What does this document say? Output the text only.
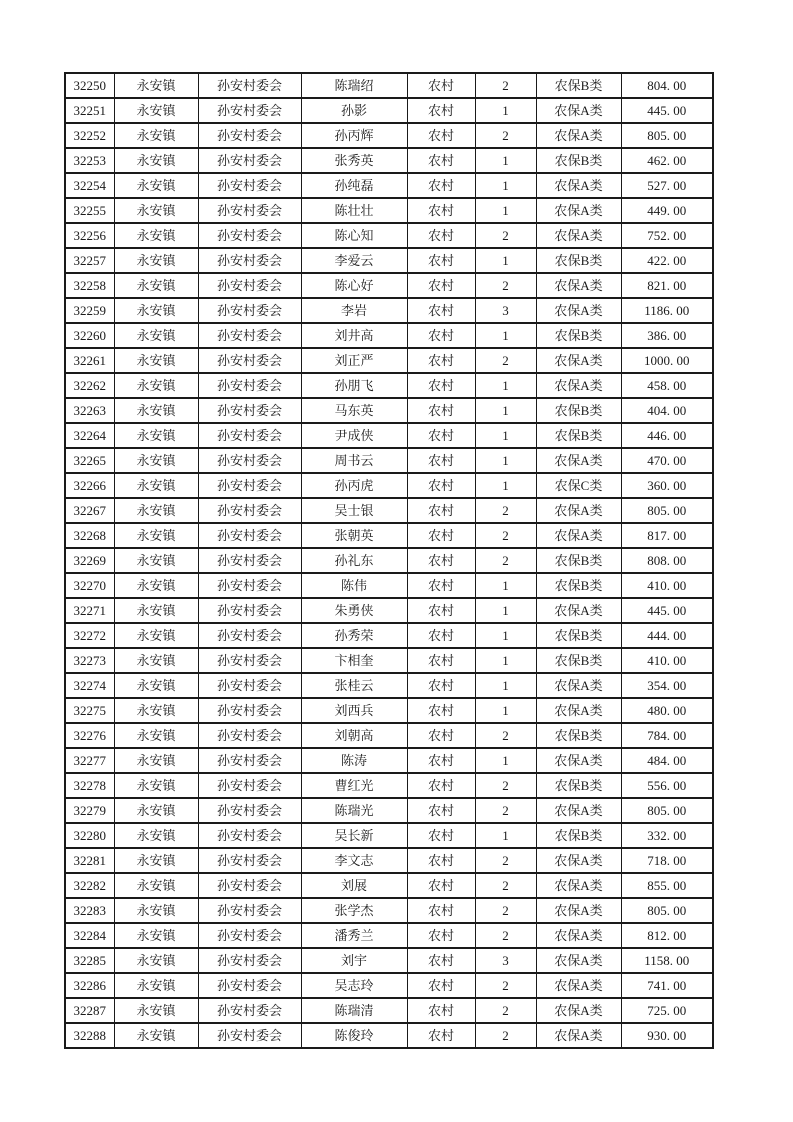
32250	永安镇	孙安村委会	陈瑞绍	农村	2	农保B类	804. 00
32251	永安镇	孙安村委会	孙影	农村	1	农保A类	445. 00
32252	永安镇	孙安村委会	孙丙辉	农村	2	农保A类	805. 00
32253	永安镇	孙安村委会	张秀英	农村	1	农保B类	462. 00
32254	永安镇	孙安村委会	孙纯磊	农村	1	农保A类	527. 00
32255	永安镇	孙安村委会	陈壮壮	农村	1	农保A类	449. 00
32256	永安镇	孙安村委会	陈心知	农村	2	农保A类	752. 00
32257	永安镇	孙安村委会	李爱云	农村	1	农保B类	422. 00
32258	永安镇	孙安村委会	陈心好	农村	2	农保A类	821. 00
32259	永安镇	孙安村委会	李岩	农村	3	农保A类	1186. 00
32260	永安镇	孙安村委会	刘井高	农村	1	农保B类	386. 00
32261	永安镇	孙安村委会	刘正严	农村	2	农保A类	1000. 00
32262	永安镇	孙安村委会	孙朋飞	农村	1	农保A类	458. 00
32263	永安镇	孙安村委会	马东英	农村	1	农保B类	404. 00
32264	永安镇	孙安村委会	尹成侠	农村	1	农保B类	446. 00
32265	永安镇	孙安村委会	周书云	农村	1	农保A类	470. 00
32266	永安镇	孙安村委会	孙丙虎	农村	1	农保C类	360. 00
32267	永安镇	孙安村委会	吴士银	农村	2	农保A类	805. 00
32268	永安镇	孙安村委会	张朝英	农村	2	农保A类	817. 00
32269	永安镇	孙安村委会	孙礼东	农村	2	农保B类	808. 00
32270	永安镇	孙安村委会	陈伟	农村	1	农保B类	410. 00
32271	永安镇	孙安村委会	朱勇侠	农村	1	农保A类	445. 00
32272	永安镇	孙安村委会	孙秀荣	农村	1	农保B类	444. 00
32273	永安镇	孙安村委会	卞相奎	农村	1	农保B类	410. 00
32274	永安镇	孙安村委会	张桂云	农村	1	农保A类	354. 00
32275	永安镇	孙安村委会	刘西兵	农村	1	农保A类	480. 00
32276	永安镇	孙安村委会	刘朝高	农村	2	农保B类	784. 00
32277	永安镇	孙安村委会	陈涛	农村	1	农保A类	484. 00
32278	永安镇	孙安村委会	曹红光	农村	2	农保B类	556. 00
32279	永安镇	孙安村委会	陈瑞光	农村	2	农保A类	805. 00
32280	永安镇	孙安村委会	吴长新	农村	1	农保B类	332. 00
32281	永安镇	孙安村委会	李文志	农村	2	农保A类	718. 00
32282	永安镇	孙安村委会	刘展	农村	2	农保A类	855. 00
32283	永安镇	孙安村委会	张学杰	农村	2	农保A类	805. 00
32284	永安镇	孙安村委会	潘秀兰	农村	2	农保A类	812. 00
32285	永安镇	孙安村委会	刘宇	农村	3	农保A类	1158. 00
32286	永安镇	孙安村委会	吴志玲	农村	2	农保A类	741. 00
32287	永安镇	孙安村委会	陈瑞清	农村	2	农保A类	725. 00
32288	永安镇	孙安村委会	陈俊玲	农村	2	农保A类	930. 00
